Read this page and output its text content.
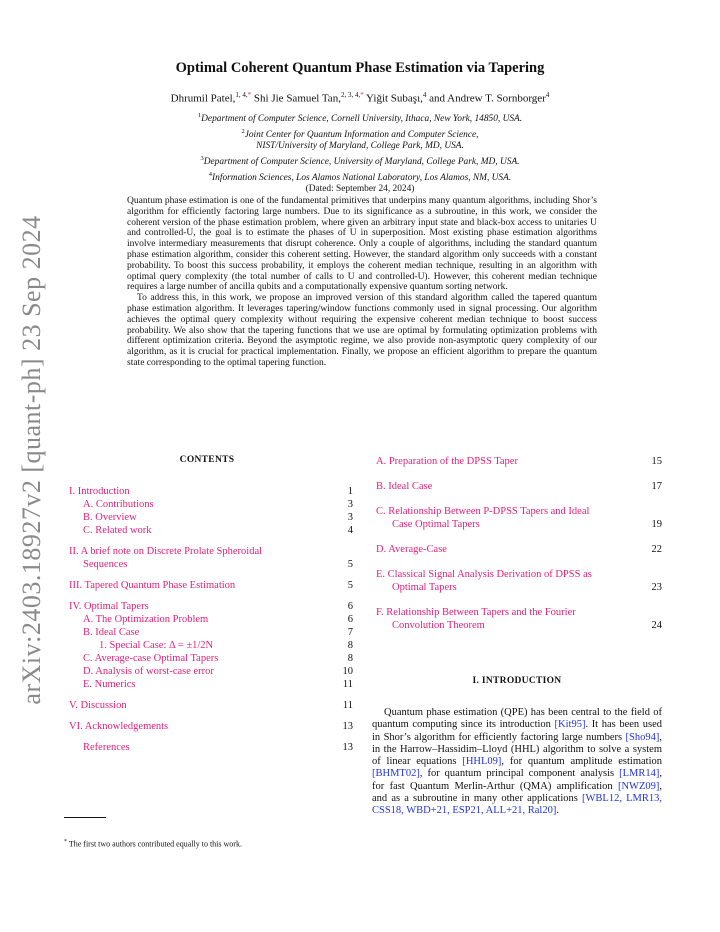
arXiv:2403.18927v2 [quant-ph] 23 Sep 2024
Optimal Coherent Quantum Phase Estimation via Tapering
Dhrumil Patel,$^{1, 4,*}$ Shi Jie Samuel Tan,$^{2, 3, 4,*}$ Yiğit Subaşı,$^4$ and Andrew T. Sornborger$^4$
$^1$Department of Computer Science, Cornell University, Ithaca, New York, 14850, USA.
$^2$Joint Center for Quantum Information and Computer Science,
NIST/University of Maryland, College Park, MD, USA.
$^3$Department of Computer Science, University of Maryland, College Park, MD, USA.
$^4$Information Sciences, Los Alamos National Laboratory, Los Alamos, NM, USA.
(Dated: September 24, 2024)

Quantum phase estimation is one of the fundamental primitives that underpins many quantum algorithms, including Shor’s algorithm for efficiently factoring large numbers. Due to its significance as a subroutine, in this work, we consider the coherent version of the phase estimation problem, where given an arbitrary input state and black-box access to unitaries U and controlled-U, the goal is to estimate the phases of U in superposition. Most existing phase estimation algorithms involve intermediary measurements that disrupt coherence. Only a couple of algorithms, including the standard quantum phase estimation algorithm, consider this coherent setting. However, the standard algorithm only succeeds with a constant probability. To boost this success probability, it employs the coherent median technique, resulting in an algorithm with optimal query complexity (the total number of calls to U and controlled-U). However, this coherent median technique requires a large number of ancilla qubits and a computationally expensive quantum sorting network.

To address this, in this work, we propose an improved version of this standard algorithm called the tapered quantum phase estimation algorithm. It leverages tapering/window functions commonly used in signal processing. Our algorithm achieves the optimal query complexity without requiring the expensive coherent median technique to boost success probability. We also show that the tapering functions that we use are optimal by formulating optimization problems with different optimization criteria. Beyond the asymptotic regime, we also provide non-asymptotic query complexity of our algorithm, as it is crucial for practical implementation. Finally, we propose an efficient algorithm to prepare the quantum state corresponding to the optimal tapering function.

CONTENTS
I. Introduction	1
A. Contributions	3
B. Overview	3
C. Related work	4
II. A brief note on Discrete Prolate Spheroidal
Sequences	5
III. Tapered Quantum Phase Estimation	5
IV. Optimal Tapers	6
A. The Optimization Problem	6
B. Ideal Case	7
1. Special Case: Δ = ±1/2N	8
C. Average-case Optimal Tapers	8
D. Analysis of worst-case error	10
E. Numerics	11
V. Discussion	11
VI. Acknowledgements	13
References	13
A. Preparation of the DPSS Taper	15
B. Ideal Case	17
C. Relationship Between P-DPSS Tapers and Ideal
Case Optimal Tapers	19
D. Average-Case	22
E. Classical Signal Analysis Derivation of DPSS as
Optimal Tapers	23
F. Relationship Between Tapers and the Fourier
Convolution Theorem	24
I. INTRODUCTION
Quantum phase estimation (QPE) has been central to the field of quantum computing since its introduction [Kit95]. It has been used in Shor’s algorithm for efficiently factoring large numbers [Sho94], in the Harrow–Hassidim–Lloyd (HHL) algorithm to solve a system of linear equations [HHL09], for quantum amplitude estimation [BHMT02], for quantum principal component analysis [LMR14], for fast Quantum Merlin-Arthur (QMA) amplification [NWZ09], and as a subroutine in many other applications [WBL12, LMR13, CSS18, WBD+21, ESP21, ALL+21, Ral20].
* The first two authors contributed equally to this work.
